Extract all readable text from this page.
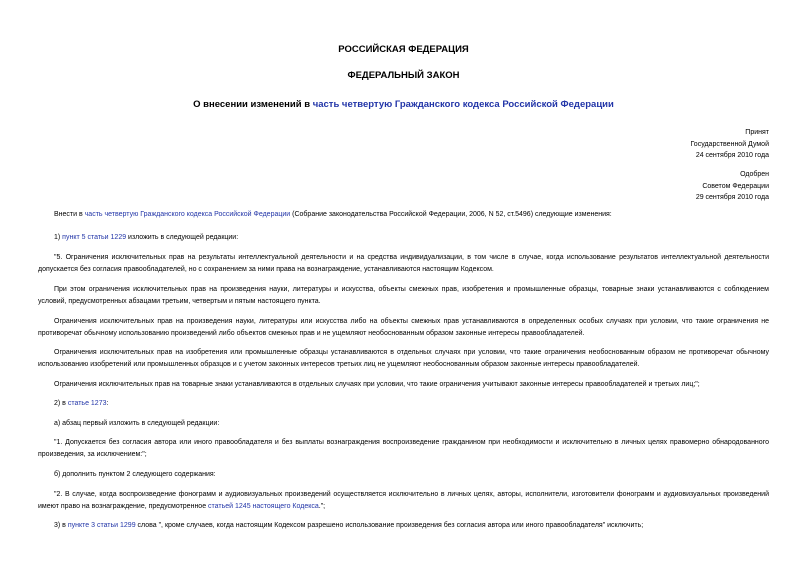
РОССИЙСКАЯ ФЕДЕРАЦИЯ
ФЕДЕРАЛЬНЫЙ ЗАКОН
О внесении изменений в часть четвертую Гражданского кодекса Российской Федерации
Принят
Государственной Думой
24 сентября 2010 года
Одобрен
Советом Федерации
29 сентября 2010 года
Внести в часть четвертую Гражданского кодекса Российской Федерации (Собрание законодательства Российской Федерации, 2006, N 52, ст.5496) следующие изменения:
1) пункт 5 статьи 1229 изложить в следующей редакции:
"5. Ограничения исключительных прав на результаты интеллектуальной деятельности и на средства индивидуализации, в том числе в случае, когда использование результатов интеллектуальной деятельности допускается без согласия правообладателей, но с сохранением за ними права на вознаграждение, устанавливаются настоящим Кодексом.
При этом ограничения исключительных прав на произведения науки, литературы и искусства, объекты смежных прав, изобретения и промышленные образцы, товарные знаки устанавливаются с соблюдением условий, предусмотренных абзацами третьим, четвертым и пятым настоящего пункта.
Ограничения исключительных прав на произведения науки, литературы или искусства либо на объекты смежных прав устанавливаются в определенных особых случаях при условии, что такие ограничения не противоречат обычному использованию произведений либо объектов смежных прав и не ущемляют необоснованным образом законные интересы правообладателей.
Ограничения исключительных прав на изобретения или промышленные образцы устанавливаются в отдельных случаях при условии, что такие ограничения необоснованным образом не противоречат обычному использованию изобретений или промышленных образцов и с учетом законных интересов третьих лиц не ущемляют необоснованным образом законные интересы правообладателей.
Ограничения исключительных прав на товарные знаки устанавливаются в отдельных случаях при условии, что такие ограничения учитывают законные интересы правообладателей и третьих лиц;";
2) в статье 1273:
а) абзац первый изложить в следующей редакции:
"1. Допускается без согласия автора или иного правообладателя и без выплаты вознаграждения воспроизведение гражданином при необходимости и исключительно в личных целях правомерно обнародованного произведения, за исключением:";
б) дополнить пунктом 2 следующего содержания:
"2. В случае, когда воспроизведение фонограмм и аудиовизуальных произведений осуществляется исключительно в личных целях, авторы, исполнители, изготовители фонограмм и аудиовизуальных произведений имеют право на вознаграждение, предусмотренное статьей 1245 настоящего Кодекса.";
3) в пункте 3 статьи 1299 слова ", кроме случаев, когда настоящим Кодексом разрешено использование произведения без согласия автора или иного правообладателя" исключить;
